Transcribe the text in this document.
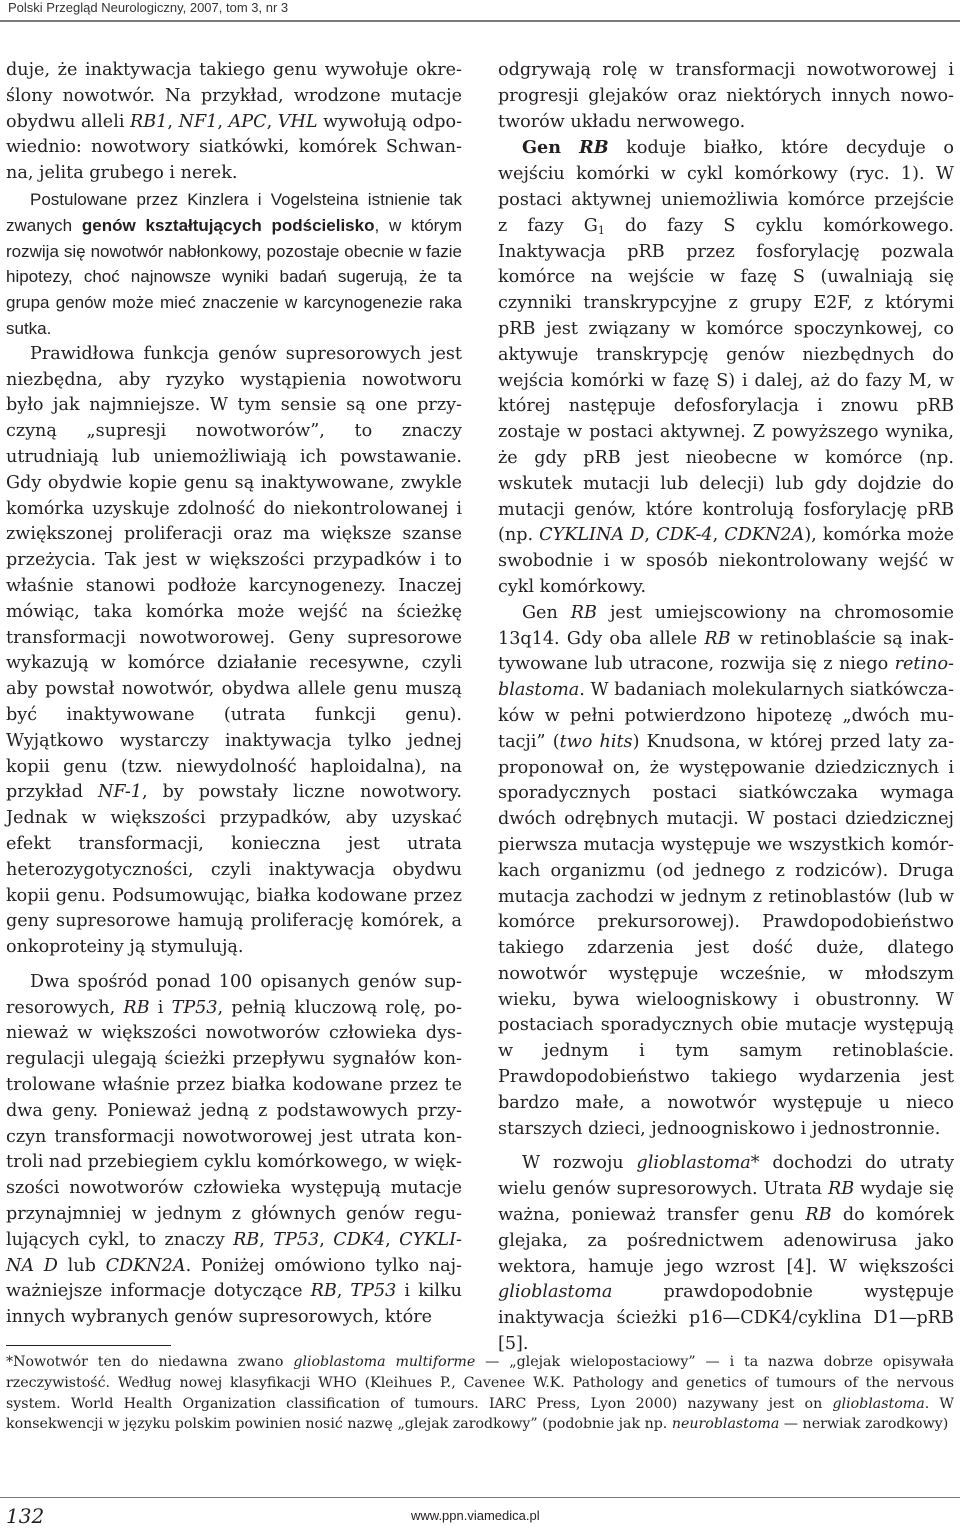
Polski Przegląd Neurologiczny, 2007, tom 3, nr 3

duje, że inaktywacja takiego genu wywołuje określony nowotwór. Na przykład, wrodzone mutacje obydwu alleli RB1, NF1, APC, VHL wywołują odpowiednio: nowotwory siatkówki, komórek Schwanna, jelita grubego i nerek.

Postulowane przez Kinzlera i Vogelsteina istnienie tak zwanych genów kształtujących podścielisko, w którym rozwija się nowotwór nabłonkowy, pozostaje obecnie w fazie hipotezy, choć najnowsze wyniki badań sugerują, że ta grupa genów może mieć znaczenie w karcynogenezie raka sutka.

Prawidłowa funkcja genów supresorowych jest niezbędna, aby ryzyko wystąpienia nowotworu było jak najmniejsze. W tym sensie są one przyczyną „supresji nowotworów”, to znaczy utrudniają lub uniemożliwiają ich powstawanie. Gdy obydwie kopie genu są inaktywowane, zwykle komórka uzyskuje zdolność do niekontrolowanej i zwiększonej proliferacji oraz ma większe szanse przeżycia. Tak jest w większości przypadków i to właśnie stanowi podłoże karcynogenezy. Inaczej mówiąc, taka komórka może wejść na ścieżkę transformacji nowotworowej. Geny supresorowe wykazują w komórce działanie recesywne, czyli aby powstał nowotwór, obydwa allele genu muszą być inaktywowane (utrata funkcji genu). Wyjątkowo wystarczy inaktywacja tylko jednej kopii genu (tzw. niewydolność haploidalna), na przykład NF-1, by powstały liczne nowotwory. Jednak w większości przypadków, aby uzyskać efekt transformacji, konieczna jest utrata heterozygotyczności, czyli inaktywacja obydwu kopii genu. Podsumowując, białka kodowane przez geny supresorowe hamują proliferację komórek, a onkoproteiny ją stymulują.

Dwa spośród ponad 100 opisanych genów supresorowych, RB i TP53, pełnią kluczową rolę, ponieważ w większości nowotworów człowieka dysregulacji ulegają ścieżki przepływu sygnałów kontrolowane właśnie przez białka kodowane przez te dwa geny. Ponieważ jedną z podstawowych przyczyn transformacji nowotworowej jest utrata kontroli nad przebiegiem cyklu komórkowego, w większości nowotworów człowieka występują mutacje przynajmniej w jednym z głównych genów regulujących cykl, to znaczy RB, TP53, CDK4, CYKLINA D lub CDKN2A. Poniżej omówiono tylko najważniejsze informacje dotyczące RB, TP53 i kilku innych wybranych genów supresorowych, które

odgrywają rolę w transformacji nowotworowej i progresji glejaków oraz niektórych innych nowotworów układu nerwowego.

Gen RB koduje białko, które decyduje o wejściu komórki w cykl komórkowy (ryc. 1). W postaci aktywnej uniemożliwia komórce przejście z fazy $G_1$ do fazy S cyklu komórkowego. Inaktywacja pRB przez fosforylację pozwala komórce na wejście w fazę S (uwalniają się czynniki transkrypcyjne z grupy E2F, z którymi pRB jest związany w komórce spoczynkowej, co aktywuje transkrypcję genów niezbędnych do wejścia komórki w fazę S) i dalej, aż do fazy M, w której następuje defosforylacja i znowu pRB zostaje w postaci aktywnej. Z powyższego wynika, że gdy pRB jest nieobecne w komórce (np. wskutek mutacji lub delecji) lub gdy dojdzie do mutacji genów, które kontrolują fosforylację pRB (np. CYKLINA D, CDK-4, CDKN2A), komórka może swobodnie i w sposób niekontrolowany wejść w cykl komórkowy.

Gen RB jest umiejscowiony na chromosomie 13q14. Gdy oba allele RB w retinoblaście są inaktywowane lub utracone, rozwija się z niego retinoblastoma. W badaniach molekularnych siatkówczaków w pełni potwierdzono hipotezę „dwóch mutacji” (two hits) Knudsona, w której przed laty zaproponował on, że występowanie dziedzicznych i sporadycznych postaci siatkówczaka wymaga dwóch odrębnych mutacji. W postaci dziedzicznej pierwsza mutacja występuje we wszystkich komórkach organizmu (od jednego z rodziców). Druga mutacja zachodzi w jednym z retinoblastów (lub w komórce prekursorowej). Prawdopodobieństwo takiego zdarzenia jest dość duże, dlatego nowotwór występuje wcześnie, w młodszym wieku, bywa wieloogniskowy i obustronny. W postaciach sporadycznych obie mutacje występują w jednym i tym samym retinoblaście. Prawdopodobieństwo takiego wydarzenia jest bardzo małe, a nowotwór występuje u nieco starszych dzieci, jednoogniskowo i jednostronnie.

W rozwoju glioblastoma* dochodzi do utraty wielu genów supresorowych. Utrata RB wydaje się ważna, ponieważ transfer genu RB do komórek glejaka, za pośrednictwem adenowirusa jako wektora, hamuje jego wzrost [4]. W większości glioblastoma prawdopodobnie występuje inaktywacja ścieżki p16—CDK4/cyklina D1—pRB [5].

*Nowotwór ten do niedawna zwano glioblastoma multiforme — „glejak wielopostaciowy” — i ta nazwa dobrze opisywała rzeczywistość. Według nowej klasyfikacji WHO (Kleihues P., Cavenee W.K. Pathology and genetics of tumours of the nervous system. World Health Organization classification of tumours. IARC Press, Lyon 2000) nazywany jest on glioblastoma. W konsekwencji w języku polskim powinien nosić nazwę „glejak zarodkowy” (podobnie jak np. neuroblastoma — nerwiak zarodkowy)
132	www.ppn.viamedica.pl
